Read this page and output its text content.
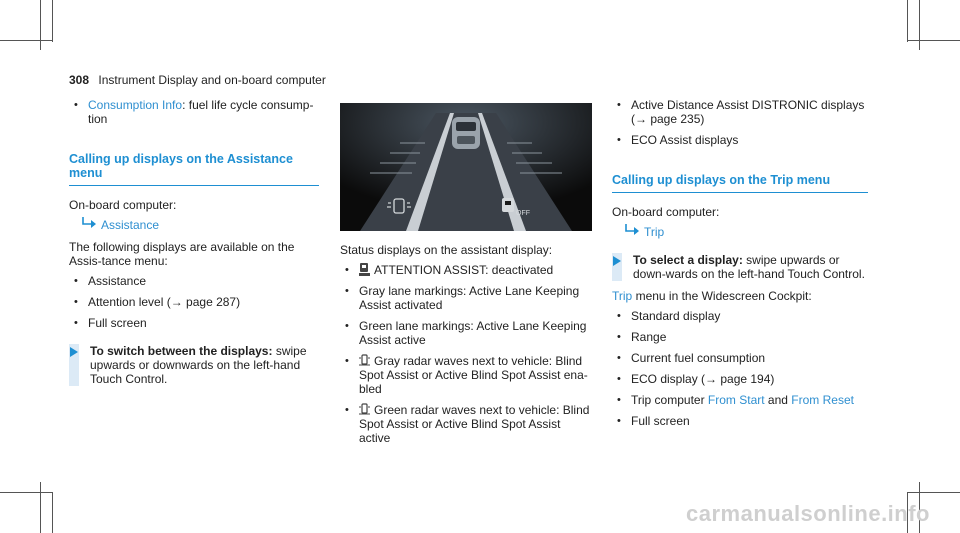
308 Instrument Display and on-board computer
• Consumption Info: fuel life cycle consump-tion
Calling up displays on the Assistance menu
On-board computer:
Assistance
The following displays are available on the Assis-tance menu:
• Assistance
• Attention level (→ page 287)
• Full screen
To switch between the displays: swipe upwards or downwards on the left-hand Touch Control.
OFF
Status displays on the assistant display:
• ATTENTION ASSIST: deactivated
• Gray lane markings: Active Lane Keeping Assist activated
• Green lane markings: Active Lane Keeping Assist active
• Gray radar waves next to vehicle: Blind Spot Assist or Active Blind Spot Assist ena-bled
• Green radar waves next to vehicle: Blind Spot Assist or Active Blind Spot Assist active
• Active Distance Assist DISTRONIC displays (→ page 235)
• ECO Assist displays
Calling up displays on the Trip menu
On-board computer:
Trip
To select a display: swipe upwards or down-wards on the left-hand Touch Control.
Trip menu in the Widescreen Cockpit:
• Standard display
• Range
• Current fuel consumption
• ECO display (→ page 194)
• Trip computer From Start and From Reset
• Full screen
carmanualsonline.info
